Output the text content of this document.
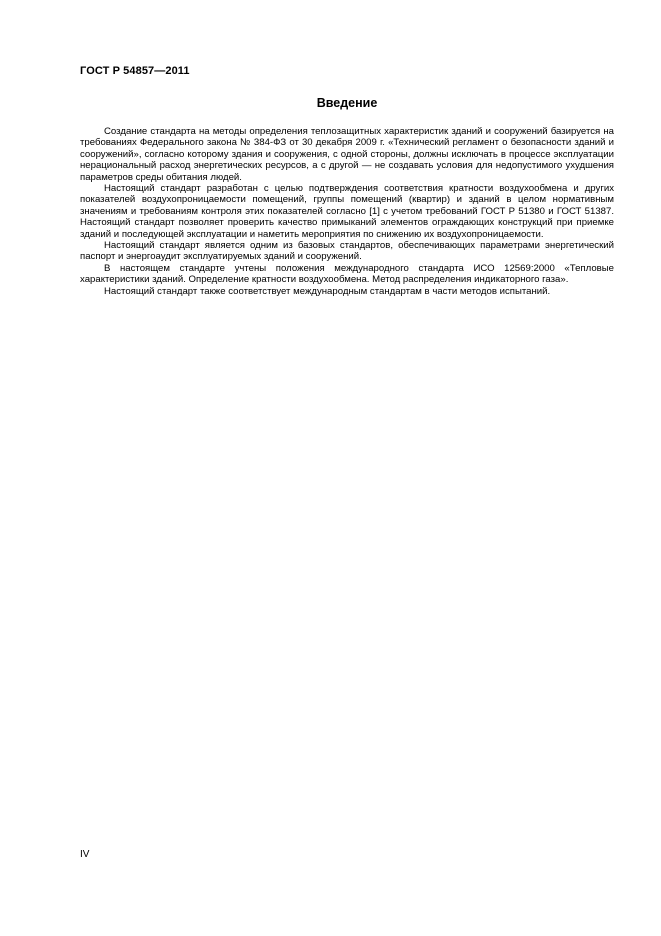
ГОСТ Р 54857—2011
Введение

Создание стандарта на методы определения теплозащитных характеристик зданий и сооружений базируется на требованиях Федерального закона № 384-ФЗ от 30 декабря 2009 г. «Технический регламент о безопасности зданий и сооружений», согласно которому здания и сооружения, с одной стороны, должны исключать в процессе эксплуатации нерациональный расход энергетических ресурсов, а с другой — не создавать условия для недопустимого ухудшения параметров среды обитания людей.

Настоящий стандарт разработан с целью подтверждения соответствия кратности воздухообмена и других показателей воздухопроницаемости помещений, группы помещений (квартир) и зданий в целом нормативным значениям и требованиям контроля этих показателей согласно [1] с учетом требований ГОСТ Р 51380 и ГОСТ 51387. Настоящий стандарт позволяет проверить качество примыканий элементов ограждающих конструкций при приемке зданий и последующей эксплуатации и наметить мероприятия по снижению их воздухопроницаемости.

Настоящий стандарт является одним из базовых стандартов, обеспечивающих параметрами энергетический паспорт и энергоаудит эксплуатируемых зданий и сооружений.

В настоящем стандарте учтены положения международного стандарта ИСО 12569:2000 «Тепловые характеристики зданий. Определение кратности воздухообмена. Метод распределения индикаторного газа».

Настоящий стандарт также соответствует международным стандартам в части методов испытаний.

IV
